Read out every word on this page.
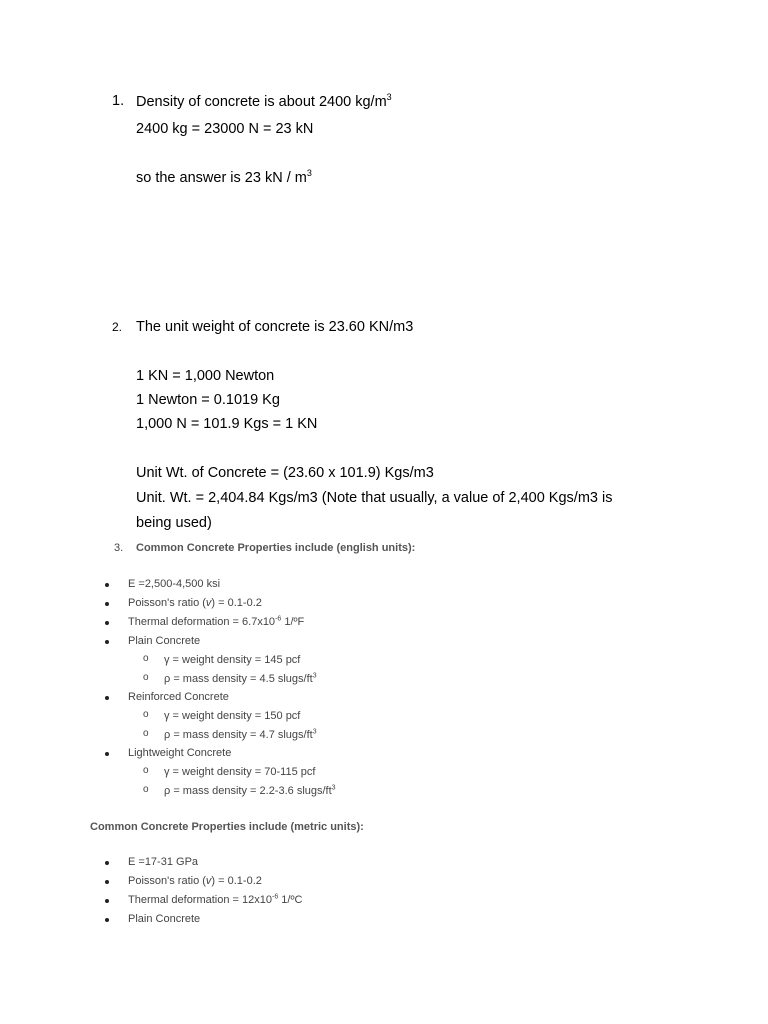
1. Density of concrete is about 2400 $kg/m^3$
2400 kg = 23000 N = 23 kN
so the answer is 23 kN / $m^3$
2. The unit weight of concrete is 23.60 KN/m3
1 KN = 1,000 Newton
1 Newton = 0.1019 Kg
1,000 N = 101.9 Kgs = 1 KN
Unit Wt. of Concrete = (23.60 x 101.9) Kgs/m3
Unit. Wt. = 2,404.84 Kgs/m3 (Note that usually, a value of 2,400 Kgs/m3 is
being used)
3. Common Concrete Properties include (english units):
E =2,500-4,500 ksi
Poisson's ratio (v) = 0.1-0.2
Thermal deformation = $6.7x10^{-6}$ 1/ºF
Plain Concrete
o γ = weight density = 145 pcf
o ρ = mass density = 4.5 slugs/$ft^3$
Reinforced Concrete
o γ = weight density = 150 pcf
o ρ = mass density = 4.7 slugs/$ft^3$
Lightweight Concrete
o γ = weight density = 70-115 pcf
o ρ = mass density = 2.2-3.6 slugs/$ft^3$
Common Concrete Properties include (metric units):
E =17-31 GPa
Poisson's ratio (v) = 0.1-0.2
Thermal deformation = $12x10^{-6}$ 1/ºC
Plain Concrete
